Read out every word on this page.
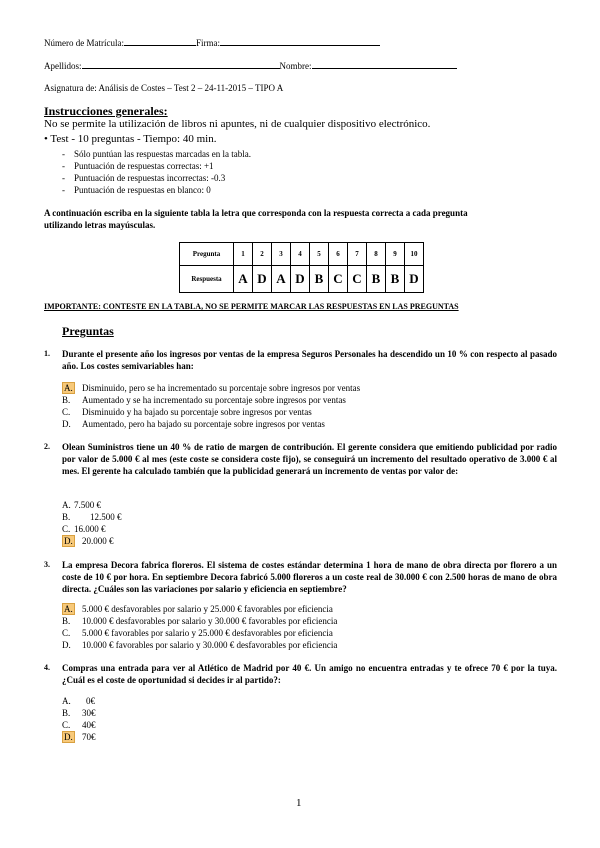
Número de Matrícula:	Firma:
Apellidos:	Nombre:
Asignatura de: Análisis de Costes – Test 2 – 24-11-2015 – TIPO A
Instrucciones generales:
No se permite la utilización de libros ni apuntes, ni de cualquier dispositivo electrónico.
• Test - 10 preguntas - Tiempo: 40 min.
-    Sólo puntúan las respuestas marcadas en la tabla.
-    Puntuación de respuestas correctas: +1
-    Puntuación de respuestas incorrectas: -0.3
-    Puntuación de respuestas en blanco: 0
A continuación escriba en la siguiente tabla la letra que corresponda con la respuesta correcta a cada pregunta
utilizando letras mayúsculas.
Pregunta	1	2	3	4	5	6	7	8	9	10
Respuesta	A	D	A	D	B	C	C	B	B	D
IMPORTANTE: CONTESTE EN LA TABLA, NO SE PERMITE MARCAR LAS RESPUESTAS EN LAS PREGUNTAS
Preguntas
1. Durante el presente año los ingresos por ventas de la empresa Seguros Personales ha descendido un 10 % con respecto al pasado año. Los costes semivariables han:
A. Disminuido, pero se ha incrementado su porcentaje sobre ingresos por ventas
B. Aumentado y se ha incrementado su porcentaje sobre ingresos por ventas
C. Disminuido y ha bajado su porcentaje sobre ingresos por ventas
D. Aumentado, pero ha bajado su porcentaje sobre ingresos por ventas
2. Olean Suministros tiene un 40 % de ratio de margen de contribución. El gerente considera que emitiendo publicidad por radio por valor de 5.000 € al mes (este coste se considera coste fijo), se conseguirá un incremento del resultado operativo de 3.000 € al mes. El gerente ha calculado también que la publicidad generará un incremento de ventas por valor de:
A. 7.500 €
B. 12.500 €
C. 16.000 €
D. 20.000 €
3. La empresa Decora fabrica floreros. El sistema de costes estándar determina 1 hora de mano de obra directa por florero a un coste de 10 € por hora. En septiembre Decora fabricó 5.000 floreros a un coste real de 30.000 € con 2.500 horas de mano de obra directa. ¿Cuáles son las variaciones por salario y eficiencia en septiembre?
A. 5.000 € desfavorables por salario y 25.000 € favorables por eficiencia
B. 10.000 € desfavorables por salario y 30.000 € favorables por eficiencia
C. 5.000 € favorables por salario y 25.000 € desfavorables por eficiencia
D. 10.000 € favorables por salario y 30.000 € desfavorables por eficiencia
4. Compras una entrada para ver al Atlético de Madrid por 40 €. Un amigo no encuentra entradas y te ofrece 70 € por la tuya. ¿Cuál es el coste de oportunidad si decides ir al partido?:
A. 0€
B. 30€
C. 40€
D. 70€
1
